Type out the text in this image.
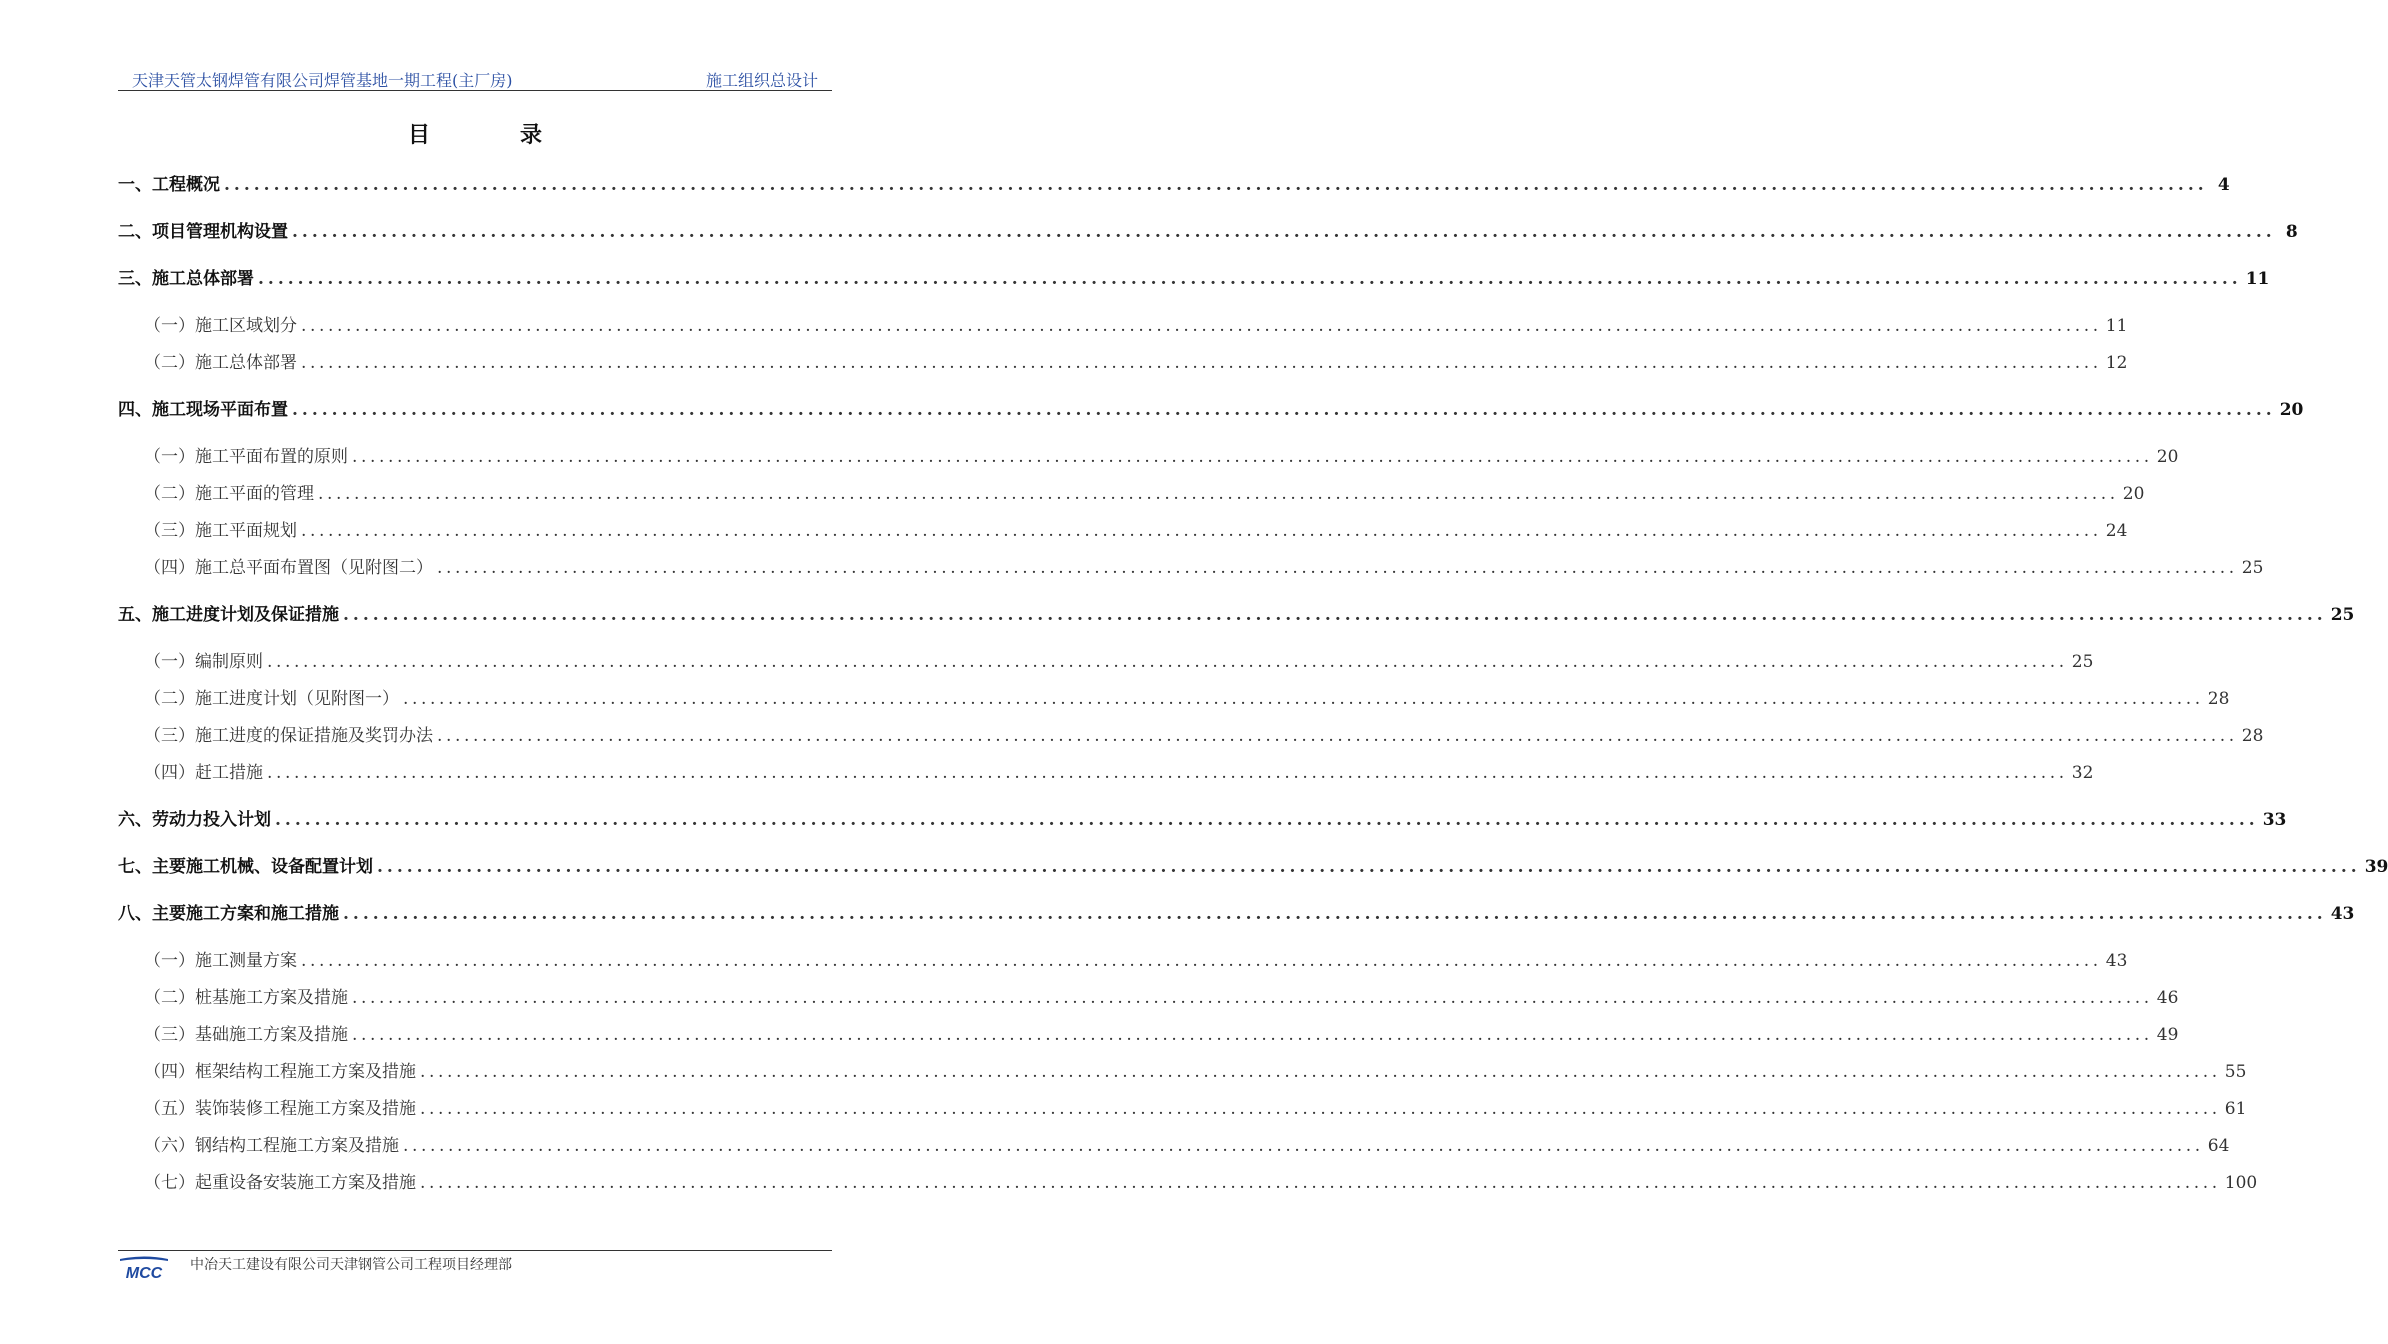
天津天管太钢焊管有限公司焊管基地一期工程(主厂房)	施工组织总设计
目录
一、工程概况 ........................................................................................................................................................................................................ 4
二、项目管理机构设置 ........................................................................................................................................................................................................ 8
三、施工总体部署 ........................................................................................................................................................................................................ 11
（一）施工区域划分 ........................................................................................................................................................................................................ 11
（二）施工总体部署 ........................................................................................................................................................................................................ 12
四、施工现场平面布置 ........................................................................................................................................................................................................ 20
（一）施工平面布置的原则 ........................................................................................................................................................................................................ 20
（二）施工平面的管理 ........................................................................................................................................................................................................ 20
（三）施工平面规划 ........................................................................................................................................................................................................ 24
（四）施工总平面布置图（见附图二） ........................................................................................................................................................................................................ 25
五、施工进度计划及保证措施 ........................................................................................................................................................................................................ 25
（一）编制原则 ........................................................................................................................................................................................................ 25
（二）施工进度计划（见附图一） ........................................................................................................................................................................................................ 28
（三）施工进度的保证措施及奖罚办法 ........................................................................................................................................................................................................ 28
（四）赶工措施 ........................................................................................................................................................................................................ 32
六、劳动力投入计划 ........................................................................................................................................................................................................ 33
七、主要施工机械、设备配置计划 ........................................................................................................................................................................................................ 39
八、主要施工方案和施工措施 ........................................................................................................................................................................................................ 43
（一）施工测量方案 ........................................................................................................................................................................................................ 43
（二）桩基施工方案及措施 ........................................................................................................................................................................................................ 46
（三）基础施工方案及措施 ........................................................................................................................................................................................................ 49
（四）框架结构工程施工方案及措施 ........................................................................................................................................................................................................ 55
（五）装饰装修工程施工方案及措施 ........................................................................................................................................................................................................ 61
（六）钢结构工程施工方案及措施 ........................................................................................................................................................................................................ 64
（七）起重设备安装施工方案及措施 ........................................................................................................................................................................................................ 100
MCC 中冶天工建设有限公司天津钢管公司工程项目经理部
